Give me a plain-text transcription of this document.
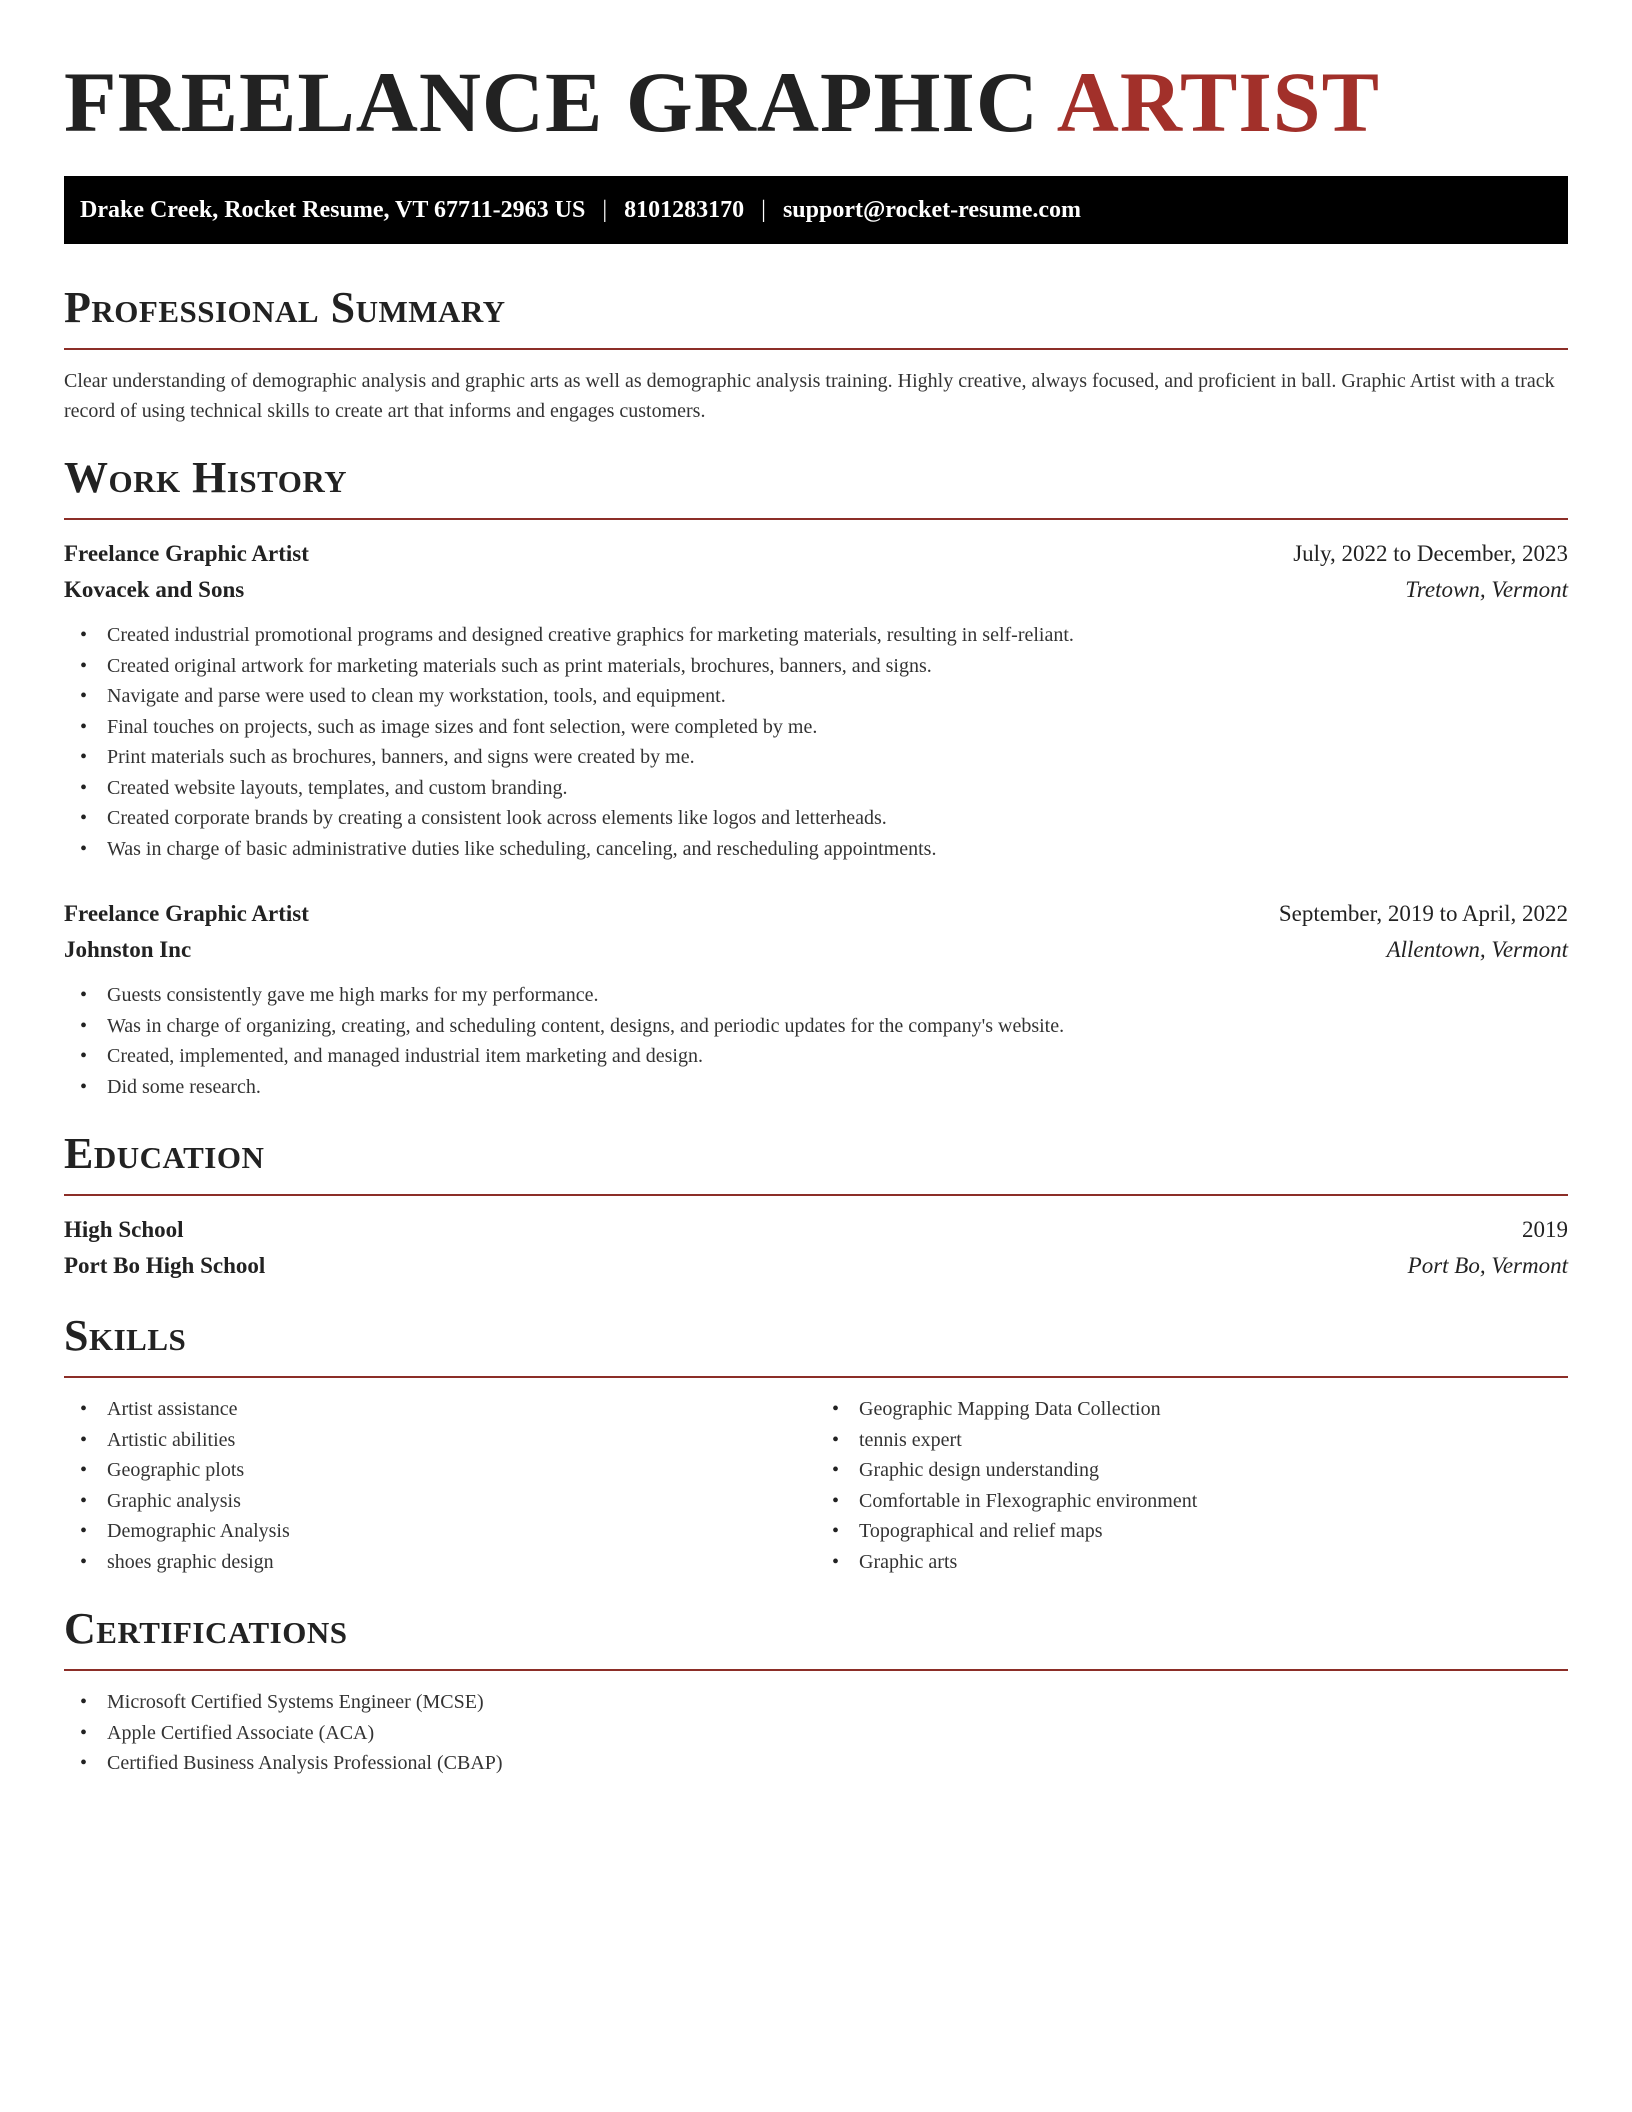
FREELANCE GRAPHIC ARTIST
Drake Creek, Rocket Resume, VT 67711-2963 US | 8101283170 | support@rocket-resume.com
Professional Summary

Clear understanding of demographic analysis and graphic arts as well as demographic analysis training. Highly creative, always focused, and proficient in ball. Graphic Artist with a track record of using technical skills to create art that informs and engages customers.

Work History
Freelance Graphic Artist	July, 2022 to December, 2023
Kovacek and Sons	Tretown, Vermont
• Created industrial promotional programs and designed creative graphics for marketing materials, resulting in self-reliant.
• Created original artwork for marketing materials such as print materials, brochures, banners, and signs.
• Navigate and parse were used to clean my workstation, tools, and equipment.
• Final touches on projects, such as image sizes and font selection, were completed by me.
• Print materials such as brochures, banners, and signs were created by me.
• Created website layouts, templates, and custom branding.
• Created corporate brands by creating a consistent look across elements like logos and letterheads.
• Was in charge of basic administrative duties like scheduling, canceling, and rescheduling appointments.
Freelance Graphic Artist	September, 2019 to April, 2022
Johnston Inc	Allentown, Vermont
• Guests consistently gave me high marks for my performance.
• Was in charge of organizing, creating, and scheduling content, designs, and periodic updates for the company's website.
• Created, implemented, and managed industrial item marketing and design.
• Did some research.
Education
High School	2019
Port Bo High School	Port Bo, Vermont
Skills
• Artist assistance
• Artistic abilities
• Geographic plots
• Graphic analysis
• Demographic Analysis
• shoes graphic design
• Geographic Mapping Data Collection
• tennis expert
• Graphic design understanding
• Comfortable in Flexographic environment
• Topographical and relief maps
• Graphic arts
Certifications
• Microsoft Certified Systems Engineer (MCSE)
• Apple Certified Associate (ACA)
• Certified Business Analysis Professional (CBAP)
